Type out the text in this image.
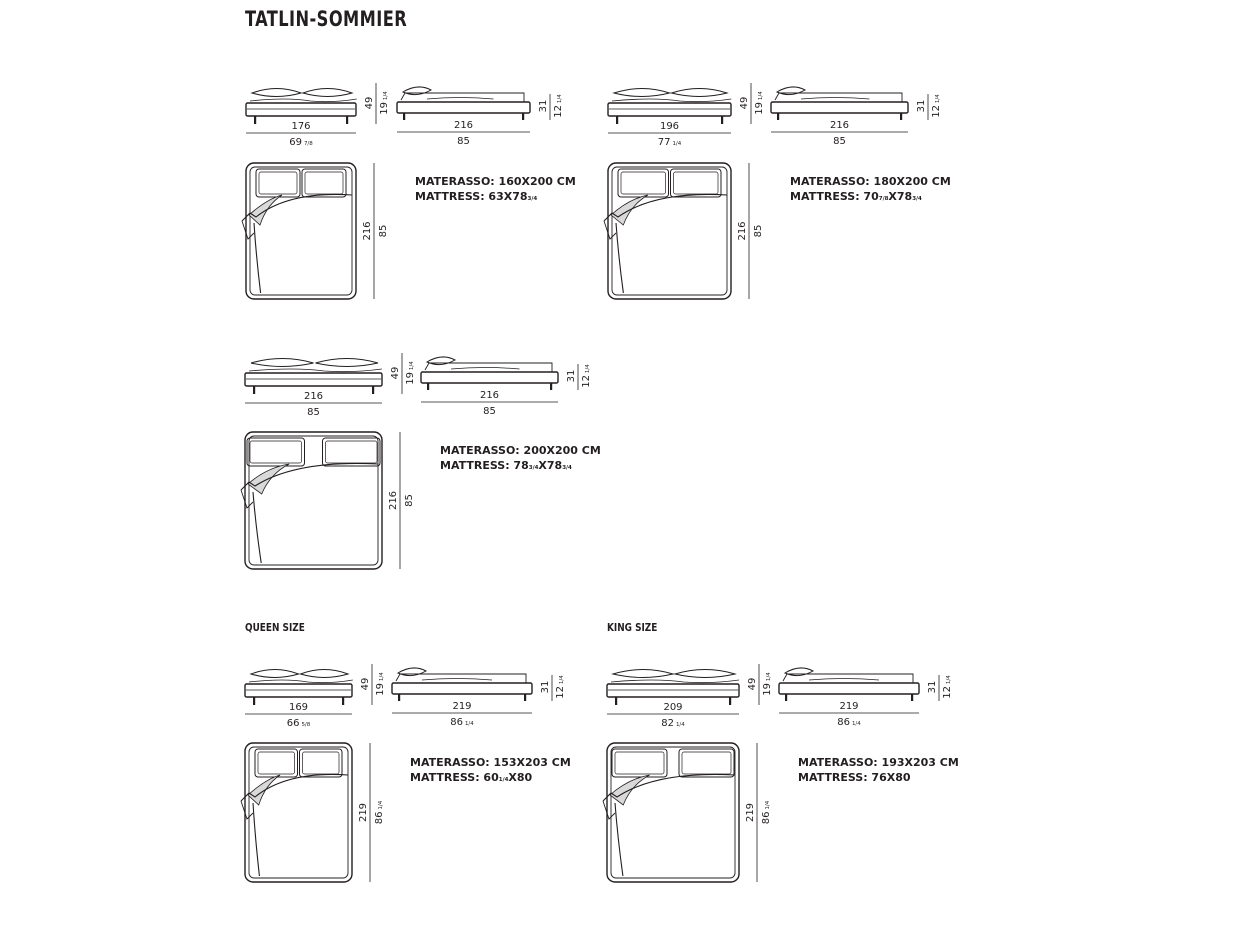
TATLIN-SOMMIER
QUEEN SIZE	KING SIZE
176
69 7/8
49 191/4
216
85
31 121/4
216 85
MATERASSO: 160X200 CM
MATTRESS: 63X783/4
196
77 1/4
49 191/4
216
85
31 121/4
216 85
MATERASSO: 180X200 CM
MATTRESS: 707/8X783/4
216
85
49 191/4
216
85
31 121/4
216 85
MATERASSO: 200X200 CM
MATTRESS: 783/4X783/4
169
66 5/8
49 191/4
219
86 1/4
31 121/4
219 861/4
MATERASSO: 153X203 CM
MATTRESS: 601/4X80
209
82 1/4
49 191/4
219
86 1/4
31 121/4
219 861/4
MATERASSO: 193X203 CM
MATTRESS: 76X80
